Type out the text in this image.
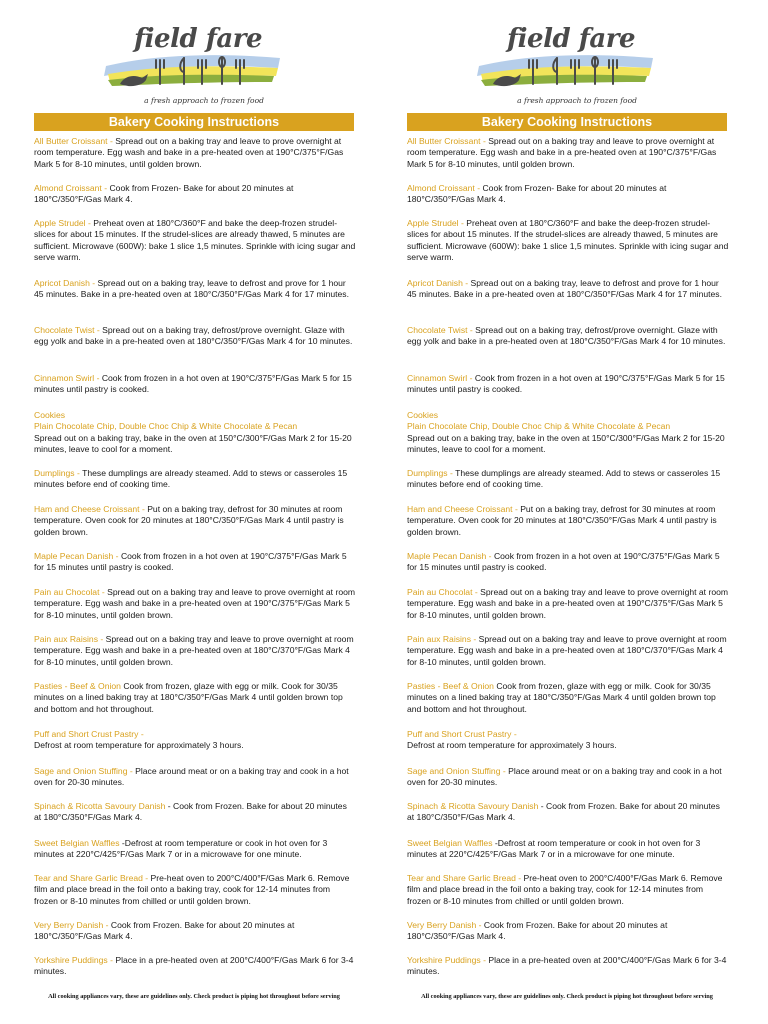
field fare
a fresh approach to frozen food
Bakery Cooking Instructions

All Butter Croissant - Spread out on a baking tray and leave to prove overnight at room temperature. Egg wash and bake in a pre-heated oven at 190°C/375°F/Gas Mark 5 for 8-10 minutes, until golden brown.

Almond Croissant - Cook from Frozen- Bake for about 20 minutes at 180°C/350°F/Gas Mark 4.

Apple Strudel - Preheat oven at 180°C/360°F and bake the deep-frozen strudel-slices for about 15 minutes. If the strudel-slices are already thawed, 5 minutes are sufficient. Microwave (600W): bake 1 slice 1,5 minutes. Sprinkle with icing sugar and serve warm.

Apricot Danish - Spread out on a baking tray, leave to defrost and prove for 1 hour 45 minutes. Bake in a pre-heated oven at 180°C/350°F/Gas Mark 4 for 17 minutes.

Chocolate Twist - Spread out on a baking tray, defrost/prove overnight. Glaze with egg yolk and bake in a pre-heated oven at 180°C/350°F/Gas Mark 4 for 10 minutes.

Cinnamon Swirl - Cook from frozen in a hot oven at 190°C/375°F/Gas Mark 5 for 15 minutes until pastry is cooked.

Cookies
Plain Chocolate Chip, Double Choc Chip & White Chocolate & Pecan
Spread out on a baking tray, bake in the oven at 150°C/300°F/Gas Mark 2 for 15-20 minutes, leave to cool for a moment.

Dumplings - These dumplings are already steamed. Add to stews or casseroles 15 minutes before end of cooking time.

Ham and Cheese Croissant - Put on a baking tray, defrost for 30 minutes at room temperature. Oven cook for 20 minutes at 180°C/350°F/Gas Mark 4 until pastry is golden brown.

Maple Pecan Danish - Cook from frozen in a hot oven at 190°C/375°F/Gas Mark 5 for 15 minutes until pastry is cooked.

Pain au Chocolat - Spread out on a baking tray and leave to prove overnight at room temperature. Egg wash and bake in a pre-heated oven at 190°C/375°F/Gas Mark 5 for 8-10 minutes, until golden brown.

Pain aux Raisins - Spread out on a baking tray and leave to prove overnight at room temperature. Egg wash and bake in a pre-heated oven at 180°C/370°F/Gas Mark 4 for 8-10 minutes, until golden brown.

Pasties - Beef & Onion Cook from frozen, glaze with egg or milk. Cook for 30/35 minutes on a lined baking tray at 180°C/350°F/Gas Mark 4 until golden brown top and bottom and hot throughout.

Puff and Short Crust Pastry -
Defrost at room temperature for approximately 3 hours.

Sage and Onion Stuffing - Place around meat or on a baking tray and cook in a hot oven for 20-30 minutes.

Spinach & Ricotta Savoury Danish - Cook from Frozen. Bake for about 20 minutes at 180°C/350°F/Gas Mark 4.

Sweet Belgian Waffles -Defrost at room temperature or cook in hot oven for 3 minutes at 220°C/425°F/Gas Mark 7 or in a microwave for one minute.

Tear and Share Garlic Bread - Pre-heat oven to 200°C/400°F/Gas Mark 6. Remove film and place bread in the foil onto a baking tray, cook for 12-14 minutes from frozen or 8-10 minutes from chilled or until golden brown.

Very Berry Danish - Cook from Frozen. Bake for about 20 minutes at 180°C/350°F/Gas Mark 4.

Yorkshire Puddings - Place in a pre-heated oven at 200°C/400°F/Gas Mark 6 for 3-4 minutes.

All cooking appliances vary, these are guidelines only. Check product is piping hot throughout before serving
field fare
a fresh approach to frozen food
Bakery Cooking Instructions

All Butter Croissant - Spread out on a baking tray and leave to prove overnight at room temperature. Egg wash and bake in a pre-heated oven at 190°C/375°F/Gas Mark 5 for 8-10 minutes, until golden brown.

Almond Croissant - Cook from Frozen- Bake for about 20 minutes at 180°C/350°F/Gas Mark 4.

Apple Strudel - Preheat oven at 180°C/360°F and bake the deep-frozen strudel-slices for about 15 minutes. If the strudel-slices are already thawed, 5 minutes are sufficient. Microwave (600W): bake 1 slice 1,5 minutes. Sprinkle with icing sugar and serve warm.

Apricot Danish - Spread out on a baking tray, leave to defrost and prove for 1 hour 45 minutes. Bake in a pre-heated oven at 180°C/350°F/Gas Mark 4 for 17 minutes.

Chocolate Twist - Spread out on a baking tray, defrost/prove overnight. Glaze with egg yolk and bake in a pre-heated oven at 180°C/350°F/Gas Mark 4 for 10 minutes.

Cinnamon Swirl - Cook from frozen in a hot oven at 190°C/375°F/Gas Mark 5 for 15 minutes until pastry is cooked.

Cookies
Plain Chocolate Chip, Double Choc Chip & White Chocolate & Pecan
Spread out on a baking tray, bake in the oven at 150°C/300°F/Gas Mark 2 for 15-20 minutes, leave to cool for a moment.

Dumplings - These dumplings are already steamed. Add to stews or casseroles 15 minutes before end of cooking time.

Ham and Cheese Croissant - Put on a baking tray, defrost for 30 minutes at room temperature. Oven cook for 20 minutes at 180°C/350°F/Gas Mark 4 until pastry is golden brown.

Maple Pecan Danish - Cook from frozen in a hot oven at 190°C/375°F/Gas Mark 5 for 15 minutes until pastry is cooked.

Pain au Chocolat - Spread out on a baking tray and leave to prove overnight at room temperature. Egg wash and bake in a pre-heated oven at 190°C/375°F/Gas Mark 5 for 8-10 minutes, until golden brown.

Pain aux Raisins - Spread out on a baking tray and leave to prove overnight at room temperature. Egg wash and bake in a pre-heated oven at 180°C/370°F/Gas Mark 4 for 8-10 minutes, until golden brown.

Pasties - Beef & Onion Cook from frozen, glaze with egg or milk. Cook for 30/35 minutes on a lined baking tray at 180°C/350°F/Gas Mark 4 until golden brown top and bottom and hot throughout.

Puff and Short Crust Pastry -
Defrost at room temperature for approximately 3 hours.

Sage and Onion Stuffing - Place around meat or on a baking tray and cook in a hot oven for 20-30 minutes.

Spinach & Ricotta Savoury Danish - Cook from Frozen. Bake for about 20 minutes at 180°C/350°F/Gas Mark 4.

Sweet Belgian Waffles -Defrost at room temperature or cook in hot oven for 3 minutes at 220°C/425°F/Gas Mark 7 or in a microwave for one minute.

Tear and Share Garlic Bread - Pre-heat oven to 200°C/400°F/Gas Mark 6. Remove film and place bread in the foil onto a baking tray, cook for 12-14 minutes from frozen or 8-10 minutes from chilled or until golden brown.

Very Berry Danish - Cook from Frozen. Bake for about 20 minutes at 180°C/350°F/Gas Mark 4.

Yorkshire Puddings - Place in a pre-heated oven at 200°C/400°F/Gas Mark 6 for 3-4 minutes.

All cooking appliances vary, these are guidelines only. Check product is piping hot throughout before serving
